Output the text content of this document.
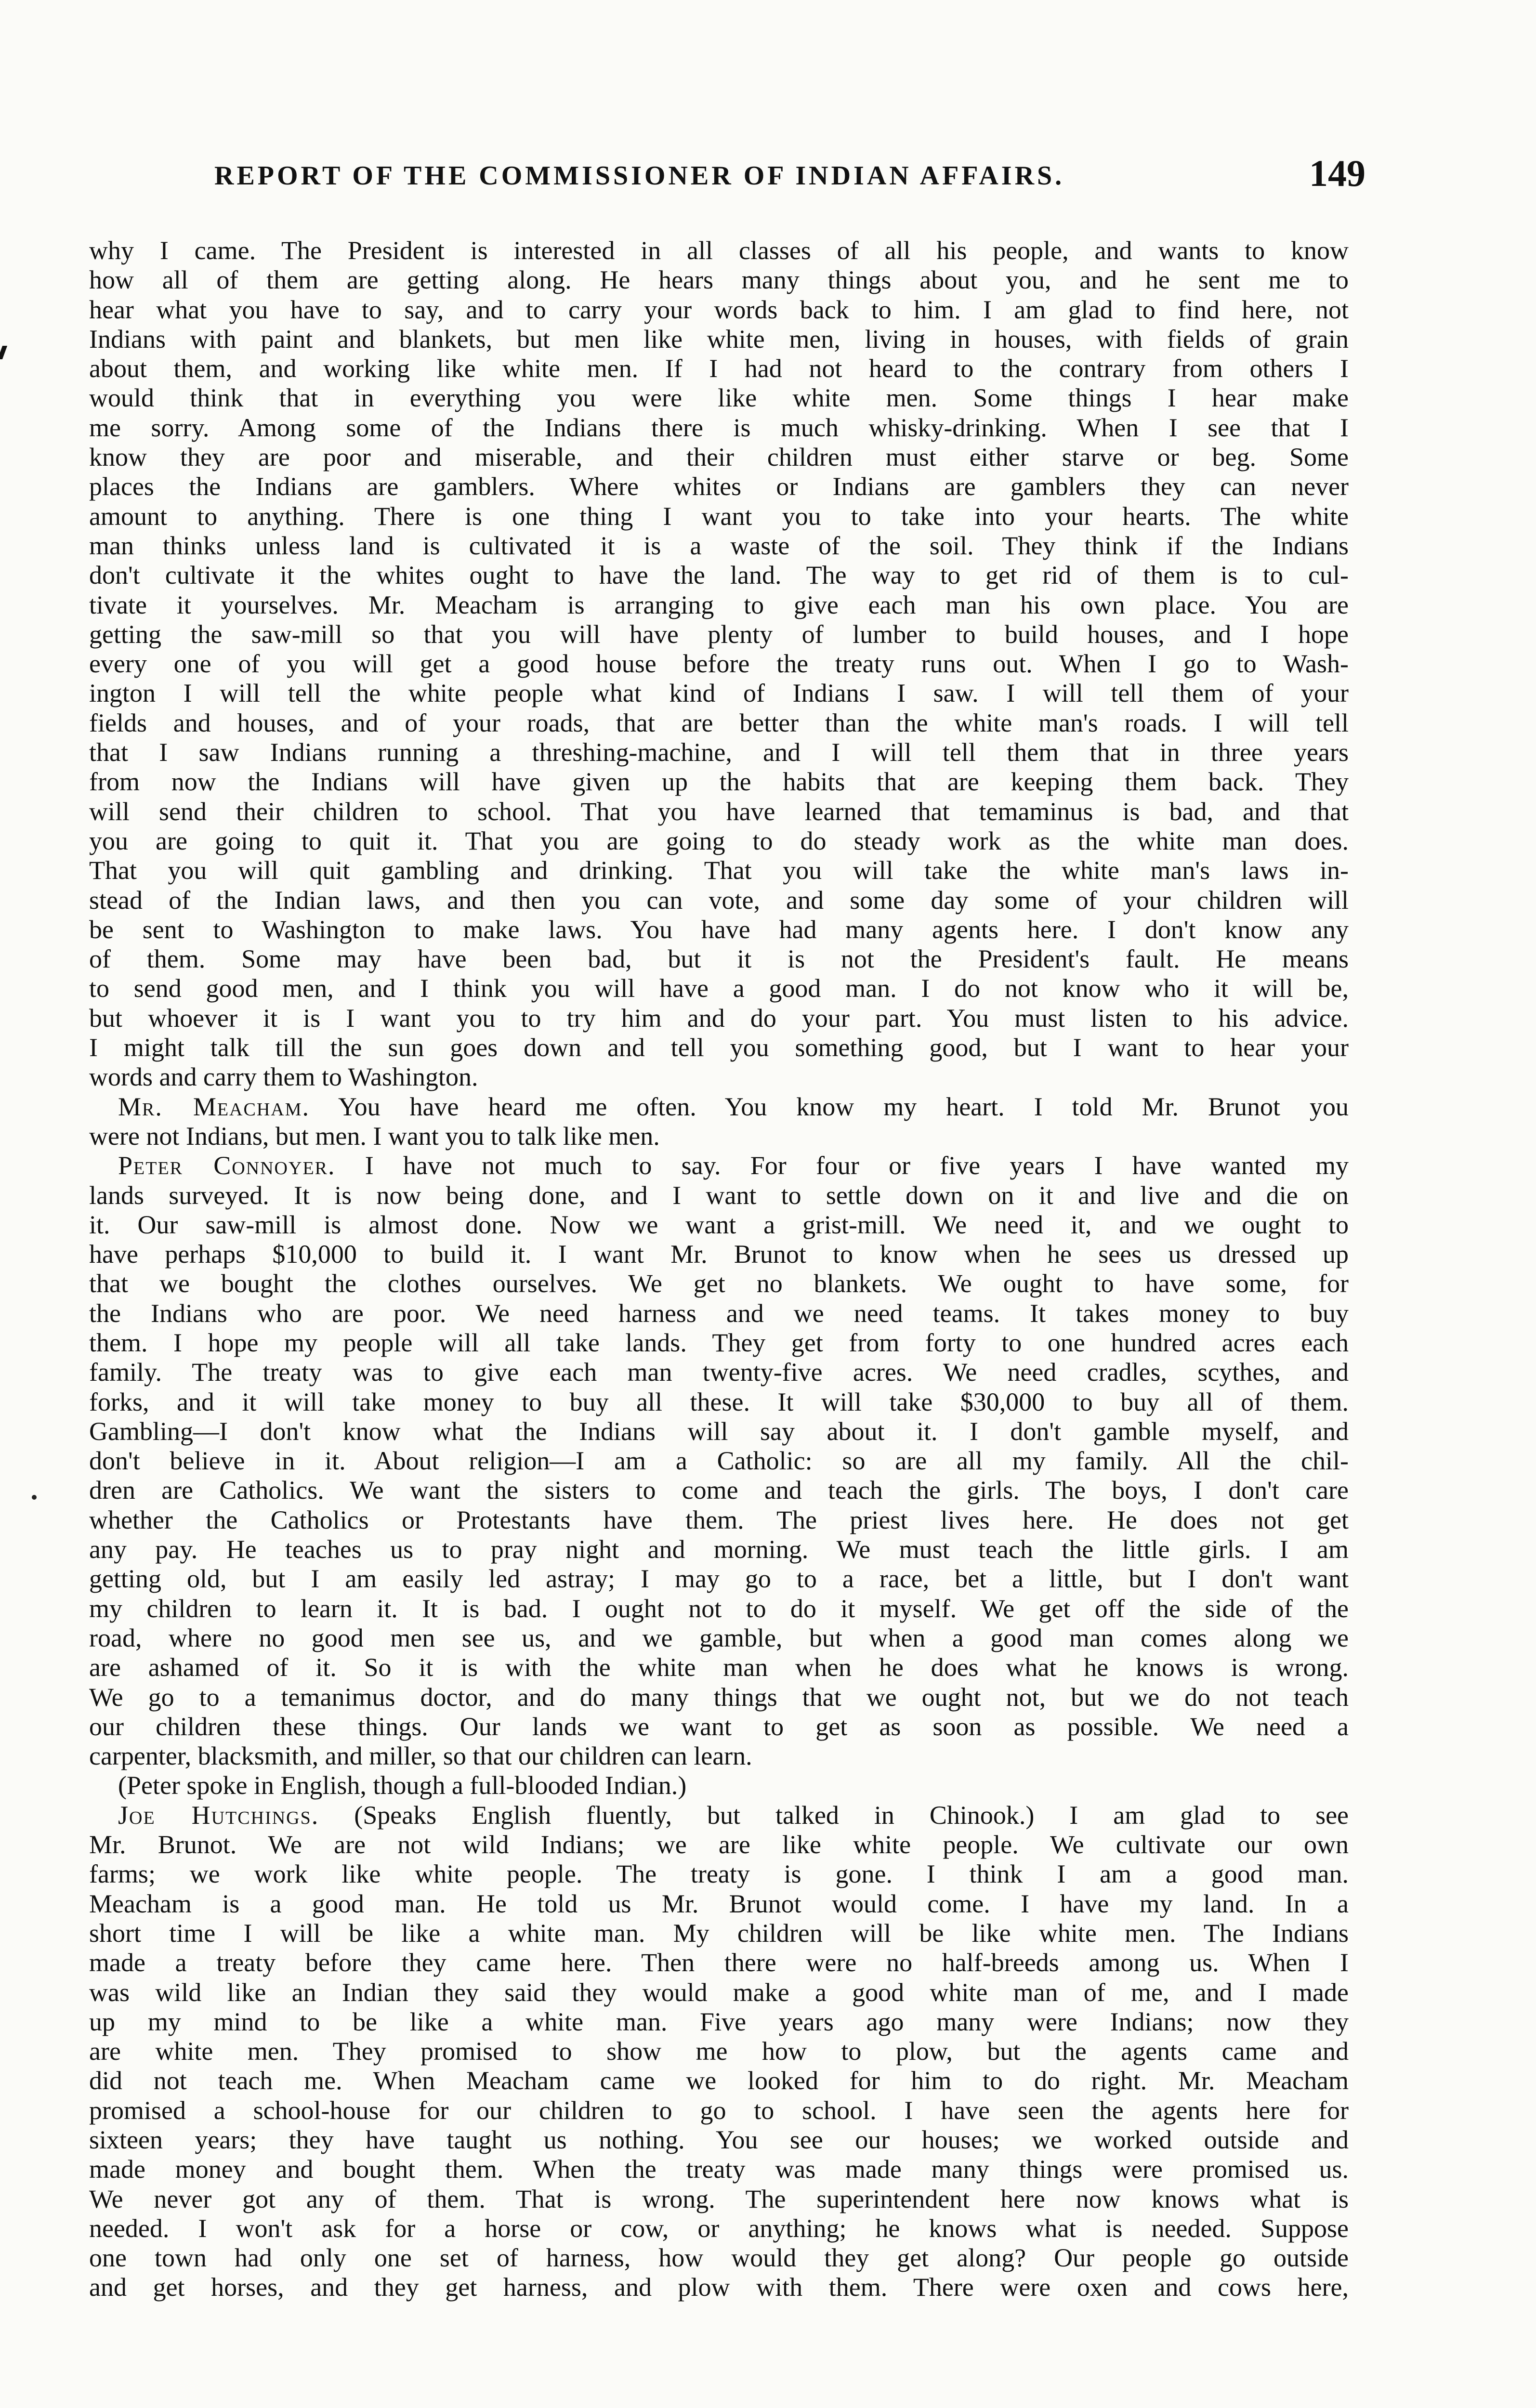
REPORT OF THE COMMISSIONER OF INDIAN AFFAIRS.	149
why I came. The President is interested in all classes of all his people, and wants to know
how all of them are getting along. He hears many things about you, and he sent me to
hear what you have to say, and to carry your words back to him. I am glad to find here, not
Indians with paint and blankets, but men like white men, living in houses, with fields of grain
about them, and working like white men. If I had not heard to the contrary from others I
would think that in everything you were like white men. Some things I hear make
me sorry. Among some of the Indians there is much whisky-drinking. When I see that I
know they are poor and miserable, and their children must either starve or beg. Some
places the Indians are gamblers. Where whites or Indians are gamblers they can never
amount to anything. There is one thing I want you to take into your hearts. The white
man thinks unless land is cultivated it is a waste of the soil. They think if the Indians
don't cultivate it the whites ought to have the land. The way to get rid of them is to cul-
tivate it yourselves. Mr. Meacham is arranging to give each man his own place. You are
getting the saw-mill so that you will have plenty of lumber to build houses, and I hope
every one of you will get a good house before the treaty runs out. When I go to Wash-
ington I will tell the white people what kind of Indians I saw. I will tell them of your
fields and houses, and of your roads, that are better than the white man's roads. I will tell
that I saw Indians running a threshing-machine, and I will tell them that in three years
from now the Indians will have given up the habits that are keeping them back. They
will send their children to school. That you have learned that temaminus is bad, and that
you are going to quit it. That you are going to do steady work as the white man does.
That you will quit gambling and drinking. That you will take the white man's laws in-
stead of the Indian laws, and then you can vote, and some day some of your children will
be sent to Washington to make laws. You have had many agents here. I don't know any
of them. Some may have been bad, but it is not the President's fault. He means
to send good men, and I think you will have a good man. I do not know who it will be,
but whoever it is I want you to try him and do your part. You must listen to his advice.
I might talk till the sun goes down and tell you something good, but I want to hear your
words and carry them to Washington.
Mr. Meacham. You have heard me often. You know my heart. I told Mr. Brunot you
were not Indians, but men. I want you to talk like men.
Peter Connoyer. I have not much to say. For four or five years I have wanted my
lands surveyed. It is now being done, and I want to settle down on it and live and die on
it. Our saw-mill is almost done. Now we want a grist-mill. We need it, and we ought to
have perhaps $10,000 to build it. I want Mr. Brunot to know when he sees us dressed up
that we bought the clothes ourselves. We get no blankets. We ought to have some, for
the Indians who are poor. We need harness and we need teams. It takes money to buy
them. I hope my people will all take lands. They get from forty to one hundred acres each
family. The treaty was to give each man twenty-five acres. We need cradles, scythes, and
forks, and it will take money to buy all these. It will take $30,000 to buy all of them.
Gambling—I don't know what the Indians will say about it. I don't gamble myself, and
don't believe in it. About religion—I am a Catholic: so are all my family. All the chil-
dren are Catholics. We want the sisters to come and teach the girls. The boys, I don't care
whether the Catholics or Protestants have them. The priest lives here. He does not get
any pay. He teaches us to pray night and morning. We must teach the little girls. I am
getting old, but I am easily led astray; I may go to a race, bet a little, but I don't want
my children to learn it. It is bad. I ought not to do it myself. We get off the side of the
road, where no good men see us, and we gamble, but when a good man comes along we
are ashamed of it. So it is with the white man when he does what he knows is wrong.
We go to a temanimus doctor, and do many things that we ought not, but we do not teach
our children these things. Our lands we want to get as soon as possible. We need a
carpenter, blacksmith, and miller, so that our children can learn.
(Peter spoke in English, though a full-blooded Indian.)
Joe Hutchings. (Speaks English fluently, but talked in Chinook.) I am glad to see
Mr. Brunot. We are not wild Indians; we are like white people. We cultivate our own
farms; we work like white people. The treaty is gone. I think I am a good man.
Meacham is a good man. He told us Mr. Brunot would come. I have my land. In a
short time I will be like a white man. My children will be like white men. The Indians
made a treaty before they came here. Then there were no half-breeds among us. When I
was wild like an Indian they said they would make a good white man of me, and I made
up my mind to be like a white man. Five years ago many were Indians; now they
are white men. They promised to show me how to plow, but the agents came and
did not teach me. When Meacham came we looked for him to do right. Mr. Meacham
promised a school-house for our children to go to school. I have seen the agents here for
sixteen years; they have taught us nothing. You see our houses; we worked outside and
made money and bought them. When the treaty was made many things were promised us.
We never got any of them. That is wrong. The superintendent here now knows what is
needed. I won't ask for a horse or cow, or anything; he knows what is needed. Suppose
one town had only one set of harness, how would they get along? Our people go outside
and get horses, and they get harness, and plow with them. There were oxen and cows here,
